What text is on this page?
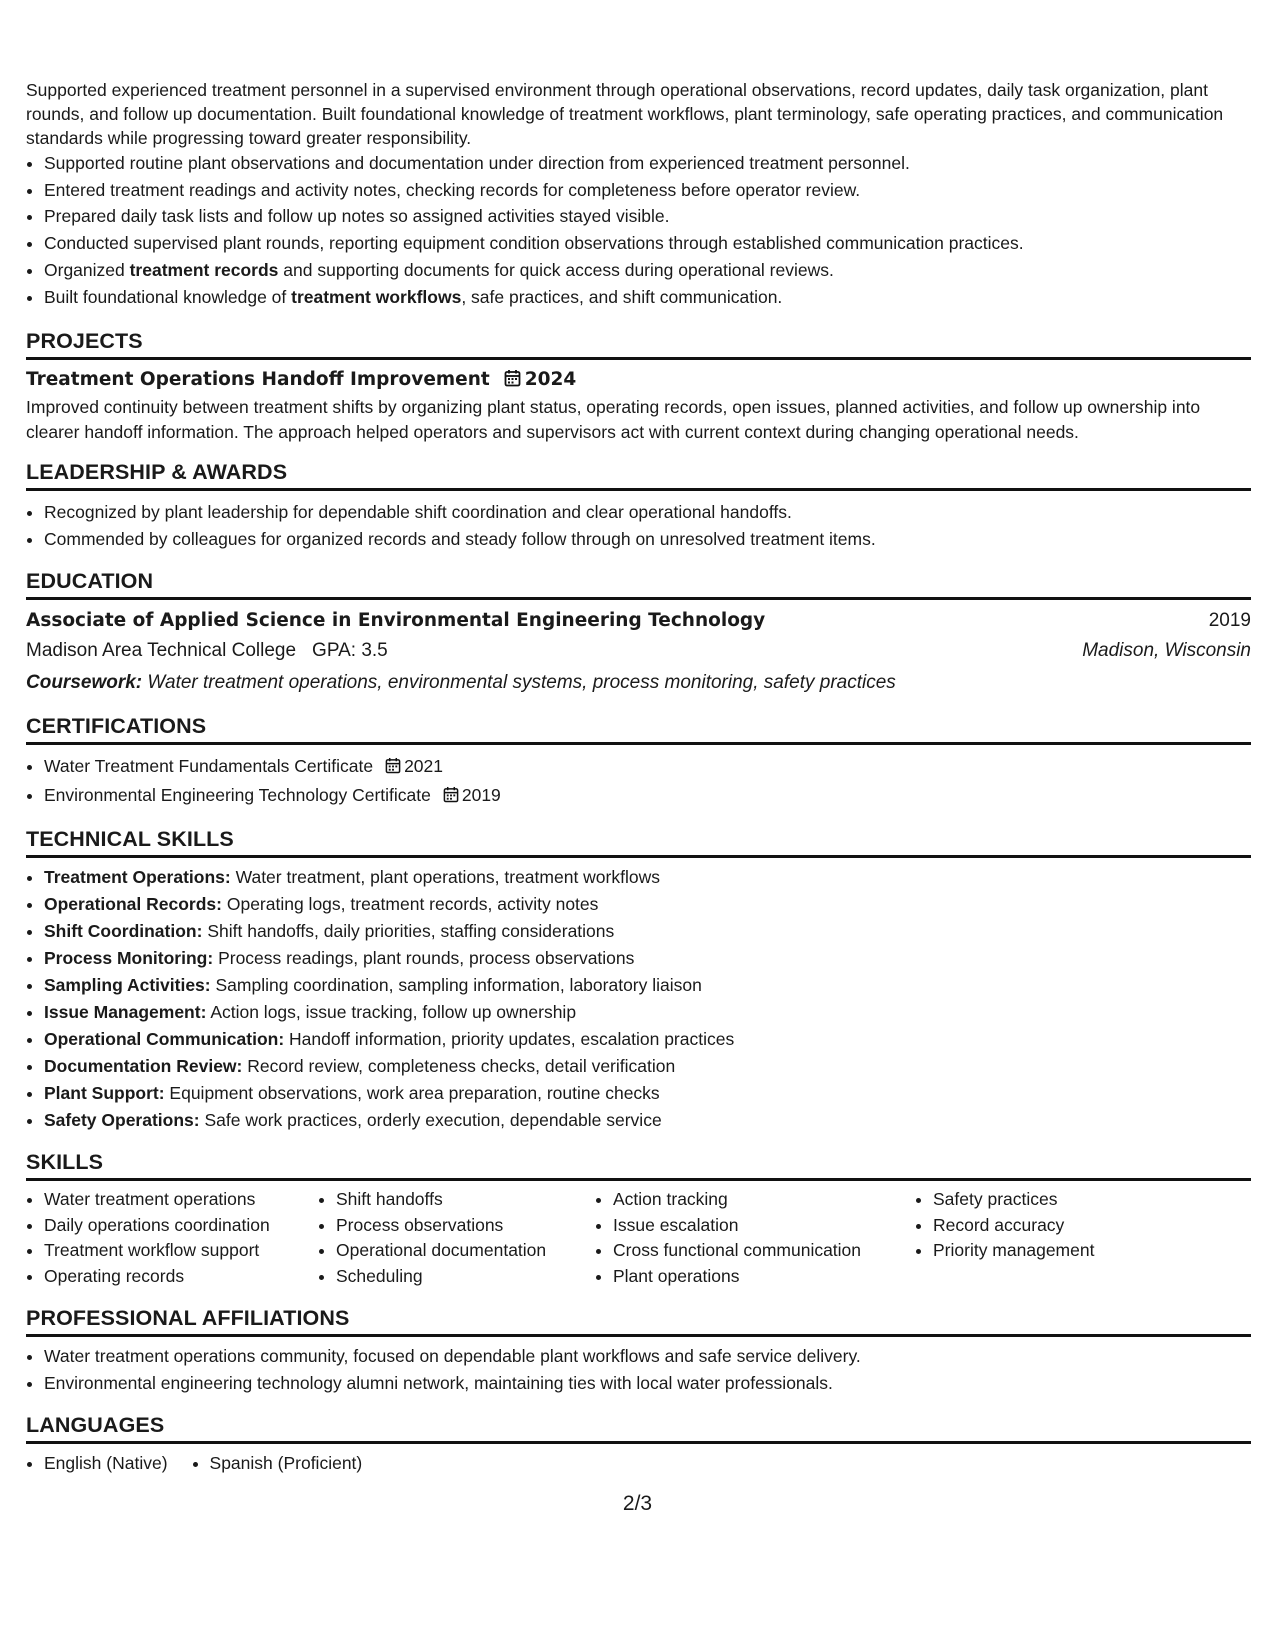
Supported experienced treatment personnel in a supervised environment through operational observations, record updates, daily task organization, plant rounds, and follow up documentation. Built foundational knowledge of treatment workflows, plant terminology, safe operating practices, and communication standards while progressing toward greater responsibility.

• Supported routine plant observations and documentation under direction from experienced treatment personnel.
• Entered treatment readings and activity notes, checking records for completeness before operator review.
• Prepared daily task lists and follow up notes so assigned activities stayed visible.
• Conducted supervised plant rounds, reporting equipment condition observations through established communication practices.
• Organized treatment records and supporting documents for quick access during operational reviews.
• Built foundational knowledge of treatment workflows, safe practices, and shift communication.
PROJECTS
Treatment Operations Handoff Improvement 2024

Improved continuity between treatment shifts by organizing plant status, operating records, open issues, planned activities, and follow up ownership into clearer handoff information. The approach helped operators and supervisors act with current context during changing operational needs.

LEADERSHIP & AWARDS
• Recognized by plant leadership for dependable shift coordination and clear operational handoffs.
• Commended by colleagues for organized records and steady follow through on unresolved treatment items.
EDUCATION
Associate of Applied Science in Environmental Engineering Technology	2019
Madison Area Technical College GPA: 3.5	Madison, Wisconsin
Coursework: Water treatment operations, environmental systems, process monitoring, safety practices
CERTIFICATIONS
• Water Treatment Fundamentals Certificate 2021
• Environmental Engineering Technology Certificate 2019
TECHNICAL SKILLS
• Treatment Operations: Water treatment, plant operations, treatment workflows
• Operational Records: Operating logs, treatment records, activity notes
• Shift Coordination: Shift handoffs, daily priorities, staffing considerations
• Process Monitoring: Process readings, plant rounds, process observations
• Sampling Activities: Sampling coordination, sampling information, laboratory liaison
• Issue Management: Action logs, issue tracking, follow up ownership
• Operational Communication: Handoff information, priority updates, escalation practices
• Documentation Review: Record review, completeness checks, detail verification
• Plant Support: Equipment observations, work area preparation, routine checks
• Safety Operations: Safe work practices, orderly execution, dependable service
SKILLS
• Water treatment operations
• Daily operations coordination
• Treatment workflow support
• Operating records
• Shift handoffs
• Process observations
• Operational documentation
• Scheduling
• Action tracking
• Issue escalation
• Cross functional communication
• Plant operations
• Safety practices
• Record accuracy
• Priority management
PROFESSIONAL AFFILIATIONS
• Water treatment operations community, focused on dependable plant workflows and safe service delivery.
• Environmental engineering technology alumni network, maintaining ties with local water professionals.
LANGUAGES
• English (Native)
• Spanish (Proficient)
2/3
